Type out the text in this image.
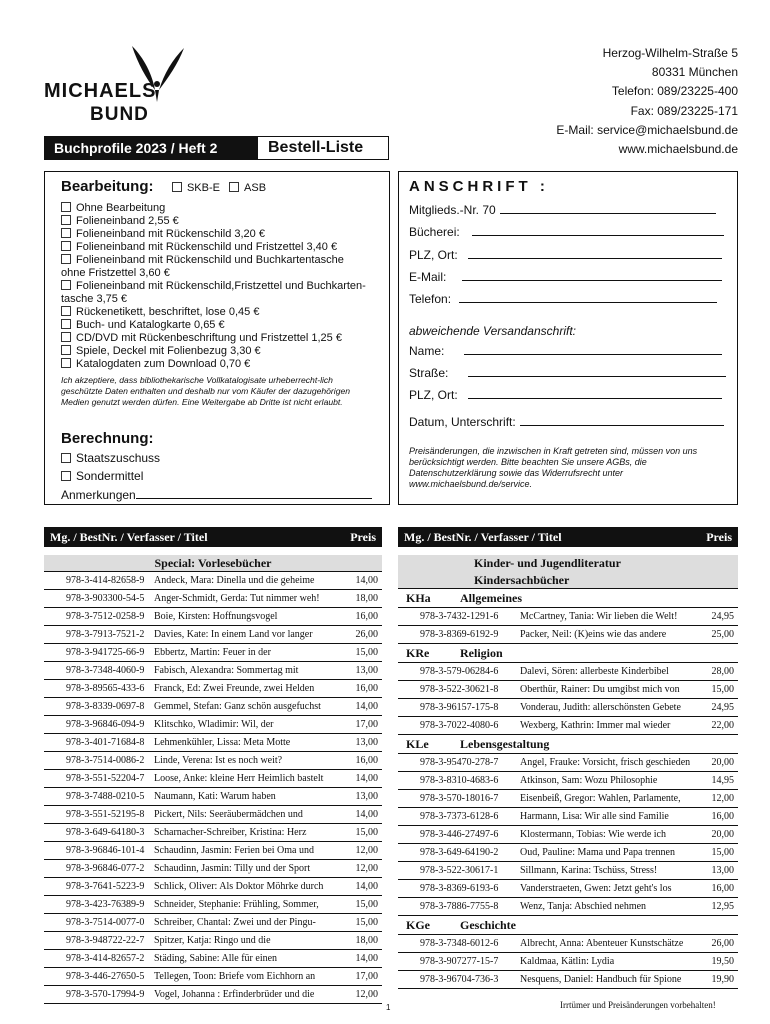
MICHAELS
BUND
Herzog-Wilhelm-Straße 5
80331 München
Telefon: 089/23225-400
Fax: 089/23225-171
E-Mail: service@michaelsbund.de
www.michaelsbund.de
Buchprofile 2023 / Heft 2	Bestell-Liste
Bearbeitung:	SKB-E ASB
Ohne Bearbeitung
Folieneinband 2,55 €
Folieneinband mit Rückenschild 3,20 €
Folieneinband mit Rückenschild und Fristzettel 3,40 €
Folieneinband mit Rückenschild und Buchkartentasche
ohne Fristzettel 3,60 €
Folieneinband mit Rückenschild,Fristzettel und Buchkarten-
tasche 3,75 €
Rückenetikett, beschriftet, lose 0,45 €
Buch- und Katalogkarte 0,65 €
CD/DVD mit Rückenbeschriftung und Fristzettel 1,25 €
Spiele, Deckel mit Folienbezug 3,30 €
Katalogdaten zum Download 0,70 €
Ich akzeptiere, dass bibliothekarische Vollkatalogisate urheberrecht-lich geschützte Daten enthalten und deshalb nur vom Käufer der dazugehörigen Medien genutzt werden dürfen. Eine Weitergabe ab Dritte ist nicht erlaubt.
Berechnung:
Staatszuschuss
Sondermittel
Anmerkungen
ANSCHRIFT :
Mitglieds.-Nr. 70
Bücherei:
PLZ, Ort:
E-Mail:
Telefon:
abweichende Versandanschrift:
Name:
Straße:
PLZ, Ort:
Datum, Unterschrift:
Preisänderungen, die inzwischen in Kraft getreten sind, müssen von uns berücksichtigt werden. Bitte beachten Sie unsere AGBs, die Datenschutzerklärung sowie das Widerrufsrecht unter www.michaelsbund.de/service.
Mg. / BestNr. / Verfasser / Titel	Preis
Special: Vorlesebücher
978-3-414-82658-9 Andeck, Mara: Dinella und die geheime	14,00
978-3-903300-54-5 Anger-Schmidt, Gerda: Tut nimmer weh!	18,00
978-3-7512-0258-9 Boie, Kirsten: Hoffnungsvogel	16,00
978-3-7913-7521-2 Davies, Kate: In einem Land vor langer	26,00
978-3-941725-66-9 Ebbertz, Martin: Feuer in der	15,00
978-3-7348-4060-9 Fabisch, Alexandra: Sommertag mit	13,00
978-3-89565-433-6 Franck, Ed: Zwei Freunde, zwei Helden	16,00
978-3-8339-0697-8 Gemmel, Stefan: Ganz schön ausgefuchst	14,00
978-3-96846-094-9 Klitschko, Wladimir: Wil, der	17,00
978-3-401-71684-8 Lehmenkühler, Lissa: Meta Motte	13,00
978-3-7514-0086-2 Linde, Verena: Ist es noch weit?	16,00
978-3-551-52204-7 Loose, Anke: kleine Herr Heimlich bastelt	14,00
978-3-7488-0210-5 Naumann, Kati: Warum haben	13,00
978-3-551-52195-8 Pickert, Nils: Seeräubermädchen und	14,00
978-3-649-64180-3 Scharnacher-Schreiber, Kristina: Herz	15,00
978-3-96846-101-4 Schaudinn, Jasmin: Ferien bei Oma und	12,00
978-3-96846-077-2 Schaudinn, Jasmin: Tilly und der Sport	12,00
978-3-7641-5223-9 Schlick, Oliver: Als Doktor Möhrke durch	14,00
978-3-423-76389-9 Schneider, Stephanie: Frühling, Sommer,	15,00
978-3-7514-0077-0 Schreiber, Chantal: Zwei und der Pingu-	15,00
978-3-948722-22-7 Spitzer, Katja: Ringo und die	18,00
978-3-414-82657-2 Städing, Sabine: Alle für einen	14,00
978-3-446-27650-5 Tellegen, Toon: Briefe vom Eichhorn an	17,00
978-3-570-17994-9 Vogel, Johanna : Erfinderbrüder und die	12,00
Mg. / BestNr. / Verfasser / Titel	Preis
Kinder- und Jugendliteratur
Kindersachbücher
KHa Allgemeines
978-3-7432-1291-6 McCartney, Tania: Wir lieben die Welt!	24,95
978-3-8369-6192-9 Packer, Neil: (K)eins wie das andere	25,00
KRe	Religion
978-3-579-06284-6 Dalevi, Sören: allerbeste Kinderbibel	28,00
978-3-522-30621-8 Oberthür, Rainer: Du umgibst mich von	15,00
978-3-96157-175-8 Vonderau, Judith: allerschönsten Gebete	24,95
978-3-7022-4080-6 Wexberg, Kathrin: Immer mal wieder	22,00
KLe	Lebensgestaltung
978-3-95470-278-7 Angel, Frauke: Vorsicht, frisch geschieden	20,00
978-3-8310-4683-6 Atkinson, Sam: Wozu Philosophie	14,95
978-3-570-18016-7 Eisenbeiß, Gregor: Wahlen, Parlamente,	12,00
978-3-7373-6128-6 Harmann, Lisa: Wir alle sind Familie	16,00
978-3-446-27497-6 Klostermann, Tobias: Wie werde ich	20,00
978-3-649-64190-2 Oud, Pauline: Mama und Papa trennen	15,00
978-3-522-30617-1 Sillmann, Karina: Tschüss, Stress!	13,00
978-3-8369-6193-6 Vanderstraeten, Gwen: Jetzt geht's los	16,00
978-3-7886-7755-8 Wenz, Tanja: Abschied nehmen	12,95
KGe	Geschichte
978-3-7348-6012-6 Albrecht, Anna: Abenteuer Kunstschätze	26,00
978-3-907277-15-7 Kaldmaa, Kätlin: Lydia	19,50
978-3-96704-736-3 Nesquens, Daniel: Handbuch für Spione	19,90
1	Irrtümer und Preisänderungen vorbehalten!
